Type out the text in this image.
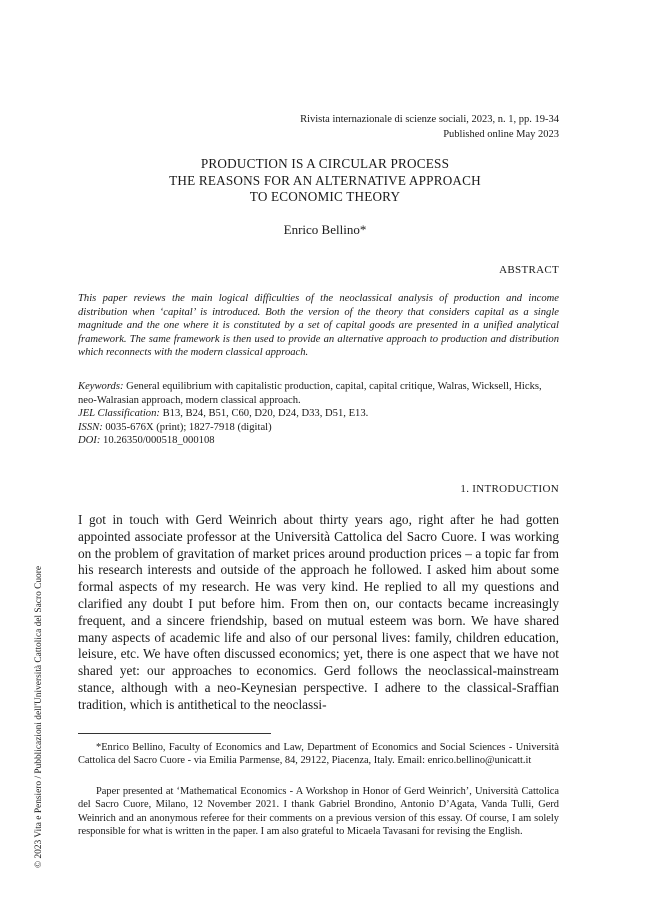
Rivista internazionale di scienze sociali, 2023, n. 1, pp. 19-34
Published online May 2023
PRODUCTION IS A CIRCULAR PROCESS
THE REASONS FOR AN ALTERNATIVE APPROACH
TO ECONOMIC THEORY
Enrico Bellino*
ABSTRACT
This paper reviews the main logical difficulties of the neoclassical analysis of production and income distribution when ‘capital’ is introduced. Both the version of the theory that considers capital as a single magnitude and the one where it is constituted by a set of capital goods are presented in a unified analytical framework. The same framework is then used to provide an alternative approach to production and distribution which reconnects with the modern classical approach.
Keywords: General equilibrium with capitalistic production, capital, capital critique, Walras, Wicksell, Hicks, neo-Walrasian approach, modern classical approach.
JEL Classification: B13, B24, B51, C60, D20, D24, D33, D51, E13.
ISSN: 0035-676X (print); 1827-7918 (digital)
DOI: 10.26350/000518_000108
1. INTRODUCTION
I got in touch with Gerd Weinrich about thirty years ago, right after he had gotten appointed associate professor at the Università Cattolica del Sacro Cuore. I was working on the problem of gravitation of market prices around production prices – a topic far from his research interests and outside of the approach he followed. I asked him about some formal aspects of my research. He was very kind. He replied to all my questions and clarified any doubt I put before him. From then on, our contacts became increasingly frequent, and a sincere friendship, based on mutual esteem was born. We have shared many aspects of academic life and also of our personal lives: family, children education, leisure, etc. We have often discussed economics; yet, there is one aspect that we have not shared yet: our approaches to economics. Gerd follows the neoclassical-mainstream stance, although with a neo-Keynesian perspective. I adhere to the classical-Sraffian tradition, which is antithetical to the neoclassi-
*Enrico Bellino, Faculty of Economics and Law, Department of Economics and Social Sciences - Università Cattolica del Sacro Cuore - via Emilia Parmense, 84, 29122, Piacenza, Italy. Email: enrico.bellino@unicatt.it
Paper presented at ‘Mathematical Economics - A Workshop in Honor of Gerd Weinrich’, Università Cattolica del Sacro Cuore, Milano, 12 November 2021. I thank Gabriel Brondino, Antonio D’Agata, Vanda Tulli, Gerd Weinrich and an anonymous referee for their comments on a previous version of this essay. Of course, I am solely responsible for what is written in the paper. I am also grateful to Micaela Tavasani for revising the English.
© 2023 Vita e Pensiero / Pubblicazioni dell'Università Cattolica del Sacro Cuore
